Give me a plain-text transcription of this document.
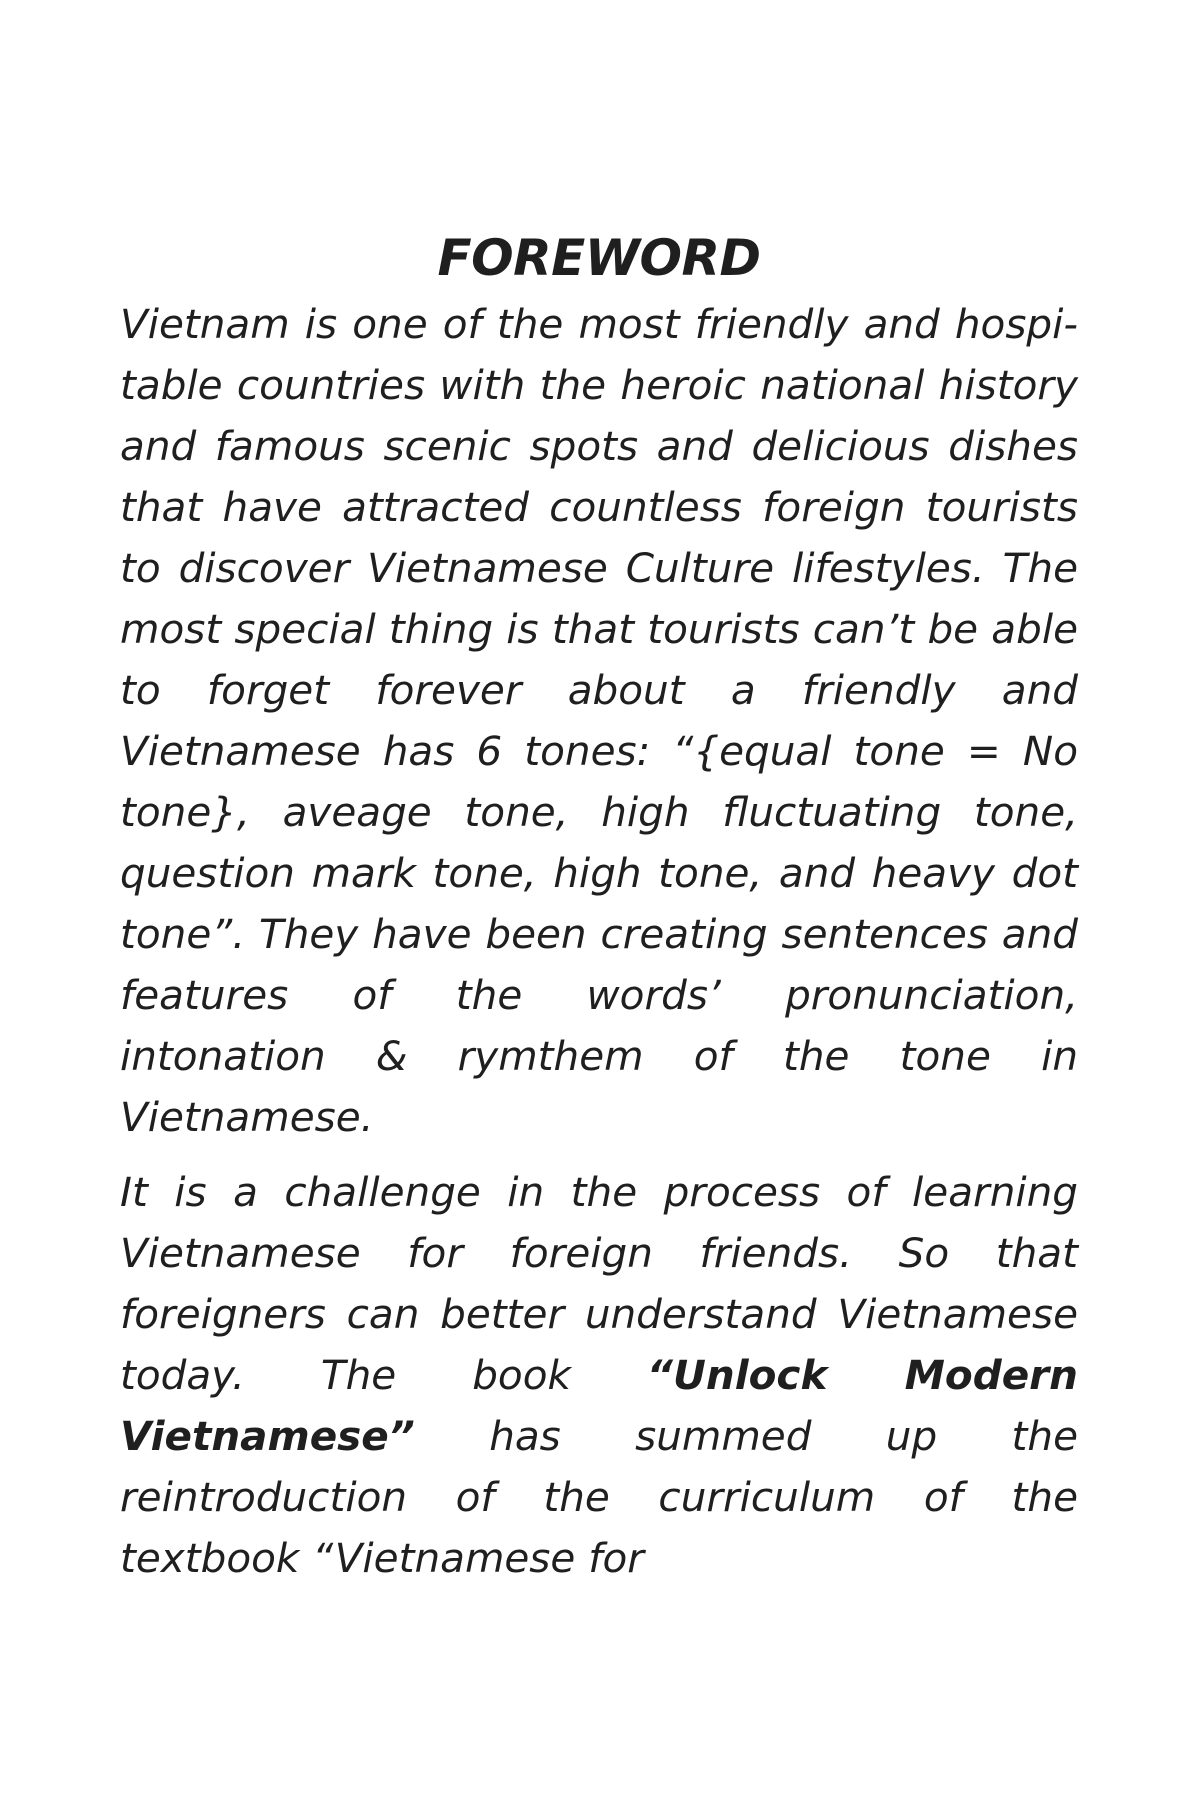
FOREWORD

Vietnam is one of the most friendly and hospi-table countries with the heroic national history and famous scenic spots and delicious dishes that have attracted countless foreign tourists to discover Vietnamese Culture lifestyles. The most special thing is that tourists can’t be able to forget forever about a friendly and Vietnamese has 6 tones: “{equal tone = No tone}, aveage tone, high fluctuating tone, question mark tone, high tone, and heavy dot tone”. They have been creating sentences and features of the words’ pronunciation, intonation & rymthem of the tone in Vietnamese.

It is a challenge in the process of learning Vietnamese for foreign friends. So that foreigners can better understand Vietnamese today. The book “Unlock Modern Vietnamese” has summed up the reintroduction of the curriculum of the textbook “Vietnamese for
